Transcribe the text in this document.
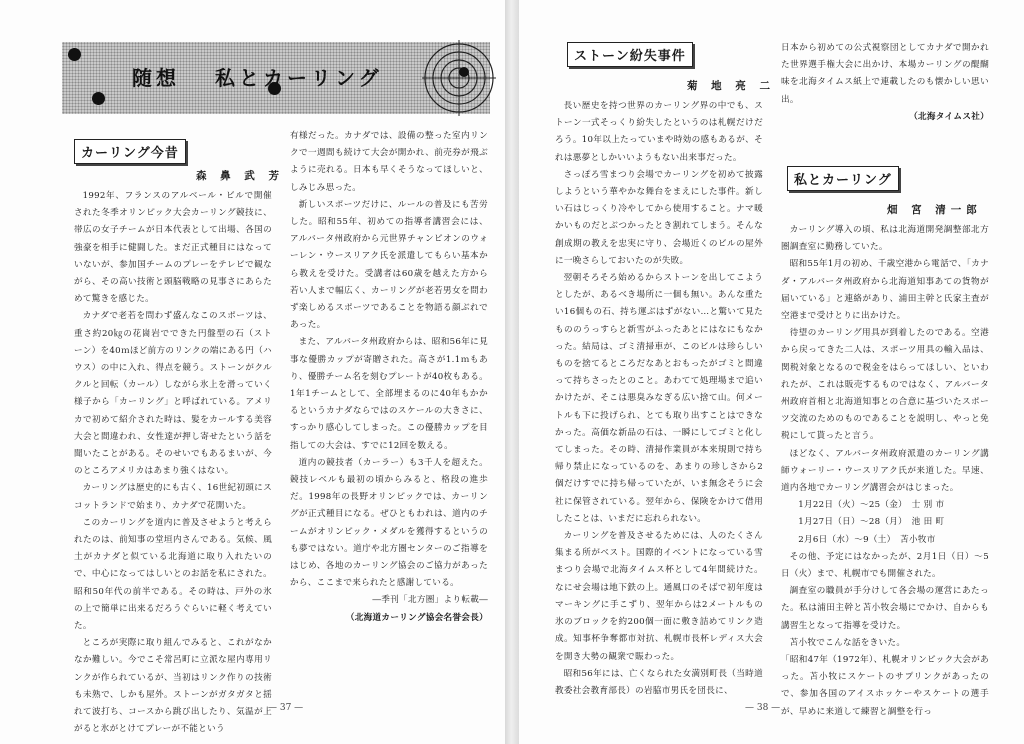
随想　 私とカーリング
カーリング今昔
森 鼻 武 芳

1992年、フランスのアルベール・ビルで開催された冬季オリンピック大会カーリング競技に、帯広の女子チームが日本代表として出場、各国の強豪を相手に健闘した。まだ正式種目にはなっていないが、参加国チームのプレーをテレビで観ながら、その高い技術と頭脳戦略の見事さにあらためて驚きを感じた。

カナダで老若を問わず盛んなこのスポーツは、重さ約20㎏の花崗岩でできた円盤型の石（ストーン）を40ｍほど前方のリンクの端にある円（ハウス）の中に入れ、得点を競う。ストーンがクルクルと回転（カール）しながら氷上を滑っていく様子から「カーリング」と呼ばれている。アメリカで初めて紹介された時は、髪をカールする美容大会と間違われ、女性達が押し寄せたという話を聞いたことがある。そのせいでもあるまいが、今のところアメリカはあまり強くはない。

カーリングは歴史的にも古く、16世紀初頭にスコットランドで始まり、カナダで花開いた。

このカーリングを道内に普及させようと考えられたのは、前知事の堂垣内さんである。気候、風土がカナダと似ている北海道に取り入れたいので、中心になってはしいとのお話を私にされた。昭和50年代の前半である。その時は、戸外の氷の上で簡単に出来るだろうぐらいに軽く考えていた。

ところが実際に取り組んでみると、これがなかなか難しい。今でこそ常呂町に立派な屋内専用リンクが作られているが、当初はリンク作りの技術も未熟で、しかも屋外。ストーンがガタガタと揺れて波打ち、コースから跳び出したり、気温が上がると氷がとけてプレーが不能という

有様だった。カナダでは、設備の整った室内リンクで一週間も続けて大会が開かれ、前売券が飛ぶように売れる。日本も早くそうなってほしいと、しみじみ思った。

新しいスポーツだけに、ルールの普及にも苦労した。昭和55年、初めての指導者講習会には、アルバータ州政府から元世界チャンピオンのウォーレン・ウースリアク氏を派遣してもらい基本から教えを受けた。受講者は60歳を越えた方から若い人まで幅広く、カーリングが老若男女を問わず楽しめるスポーツであることを物語る顔ぶれであった。

また、アルバータ州政府からは、昭和56年に見事な優勝カップが寄贈された。高さが1.1ｍもあり、優勝チーム名を刻むプレートが40枚もある。1年1チームとして、全部埋まるのに40年もかかるというカナダならではのスケールの大きさに、すっかり感心してしまった。この優勝カップを目指しての大会は、すでに12回を数える。

道内の競技者（カーラー）も3千人を超えた。競技レベルも最初の頃からみると、格段の進歩だ。1998年の長野オリンピックでは、カーリングが正式種目になる。ぜひともわれは、道内のチームがオリンピック・メダルを獲得するというのも夢ではない。道庁や北方圏センターのご指導をはじめ、各地のカーリング協会のご協力があったから、ここまで来られたと感謝している。

―季刊「北方圏」より転載―

（北海道カーリング協会名誉会長）

— 37 —
ストーン紛失事件
菊 地 亮 二

長い歴史を持つ世界のカーリング界の中でも、ストーン一式そっくり紛失したというのは札幌だけだろう。10年以上たっていまや時効の感もあるが、それは悪夢としかいいようもない出来事だった。

さっぽろ雪まつり会場でカーリングを初めて披露しようという華やかな舞台をまえにした事件。新しい石はじっくり冷やしてから使用すること。ナマ暖かいものだとぶつかったとき割れてしまう。そんな創成期の教えを忠実に守り、会場近くのビルの屋外に一晩さらしておいたのが失敗。

翌朝そろそろ始めるからストーンを出してこようとしたが、あるべき場所に一個も無い。あんな重たい16個もの石、持ち運ぶはずがない…と驚いて見たもののうっすらと新雪がふったあとにはなにもなかった。結局は、ゴミ清掃車が、このビルは珍らしいものを捨てるところだなあとおもったがゴミと間違って持ちさったとのこと。あわてて処理場まで追いかけたが、そこは悪臭みなぎる広い捨て山。何メートルも下に投げられ、とても取り出すことはできなかった。高価な新品の石は、一瞬にしてゴミと化してしまった。その時、清掃作業員が本来規則で持ち帰り禁止になっているのを、あまりの珍しさから2個だけすでに持ち帰っていたが、いま無念そうに会社に保管されている。翌年から、保険をかけて借用したことは、いまだに忘れられない。

カーリングを普及させるためには、人のたくさん集まる所がベスト。国際的イベントになっている雪まつり会場で北海タイムス杯として4年間続けた。なにせ会場は地下鉄の上。通風口のそばで初年度はマーキングに手こずり、翌年からは2メートルもの氷のブロックを約200個一面に敷き詰めてリンク造成。知事杯争奪都市対抗、札幌市長杯レディス大会を開き大勢の観衆で賑わった。

昭和56年には、亡くなられた女満別町長（当時道教委社会教育部長）の岩脇市男氏を団長に、

日本から初めての公式視察団としてカナダで開かれた世界選手権大会に出かけ、本場カーリングの醍醐味を北海タイムス紙上で連載したのも懐かしい思い出。

（北海タイムス社）

私とカーリング
畑 宮 清一郎

カーリング導入の頃、私は北海道開発調整部北方圏調査室に勤務していた。

昭和55年1月の初め、千歳空港から電話で、「カナダ・アルバータ州政府から北海道知事あての貨物が届いている」と連絡があり、浦田主幹と氏家主査が空港まで受けとりに出かけた。

待望のカーリング用具が到着したのである。空港から戻ってきた二人は、スポーツ用具の輸入品は、関税対象となるので税金をはらってほしい、といわれたが、これは販売するものではなく、アルバータ州政府首相と北海道知事との合意に基づいたスポーツ交流のためのものであることを説明し、やっと免税にして貰ったと言う。

ほどなく、アルバータ州政府派遣のカーリング講師ウォーリー・ウースリアク氏が来道した。早速、道内各地でカーリング講習会がはじまった。

1月22日（火）～25（金）　士 別 市

1月27日（日）～28（月）　池 田 町

2月6日（水）～9（土）　苫小牧市

その他、予定にはなかったが、2月1日（日）～5日（火）まで、札幌市でも開催された。

調査室の職員が手分けして各会場の運営にあたった。私は浦田主幹と苫小牧会場にでかけ、自からも講習生となって指導を受けた。

苫小牧でこんな話をきいた。

「昭和47年（1972年）、札幌オリンピック大会があった。苫小牧にスケートのサプリンクがあったので、参加各国のアイスホッケーやスケートの選手が、早めに来道して練習と調整を行っ

— 38 —
